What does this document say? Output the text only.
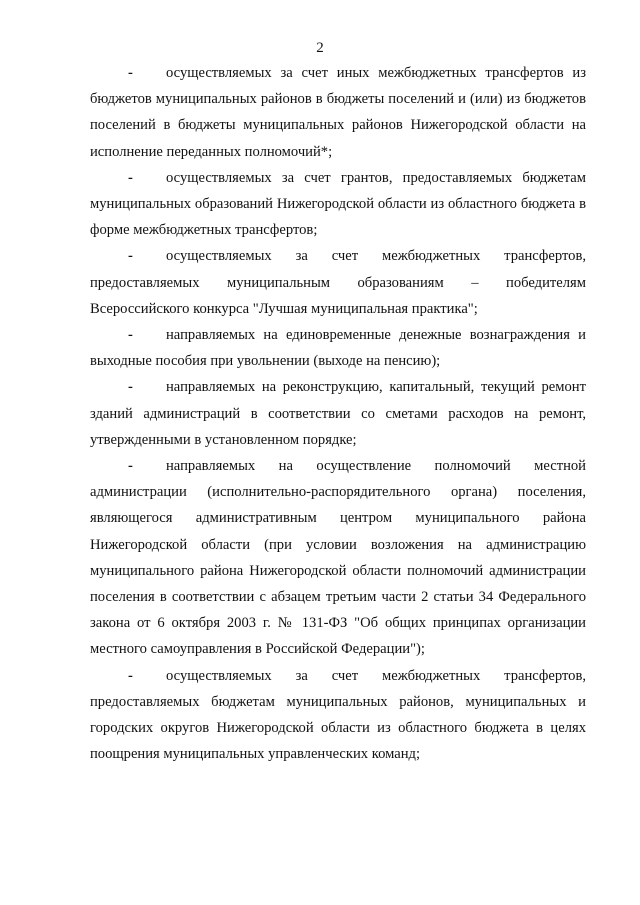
2

- осуществляемых за счет иных межбюджетных трансфертов из бюджетов муниципальных районов в бюджеты поселений и (или) из бюджетов поселений в бюджеты муниципальных районов Нижегородской области на исполнение переданных полномочий*;

- осуществляемых за счет грантов, предоставляемых бюджетам муниципальных образований Нижегородской области из областного бюджета в форме межбюджетных трансфертов;

- осуществляемых за счет межбюджетных трансфертов, предоставляемых муниципальным образованиям – победителям Всероссийского конкурса "Лучшая муниципальная практика";

- направляемых на единовременные денежные вознаграждения и выходные пособия при увольнении (выходе на пенсию);

- направляемых на реконструкцию, капитальный, текущий ремонт зданий администраций в соответствии со сметами расходов на ремонт, утвержденными в установленном порядке;

- направляемых на осуществление полномочий местной администрации (исполнительно-распорядительного органа) поселения, являющегося административным центром муниципального района Нижегородской области (при условии возложения на администрацию муниципального района Нижегородской области полномочий администрации поселения в соответствии с абзацем третьим части 2 статьи 34 Федерального закона от 6 октября 2003 г. № 131-ФЗ "Об общих принципах организации местного самоуправления в Российской Федерации");

- осуществляемых за счет межбюджетных трансфертов, предоставляемых бюджетам муниципальных районов, муниципальных и городских округов Нижегородской области из областного бюджета в целях поощрения муниципальных управленческих команд;
